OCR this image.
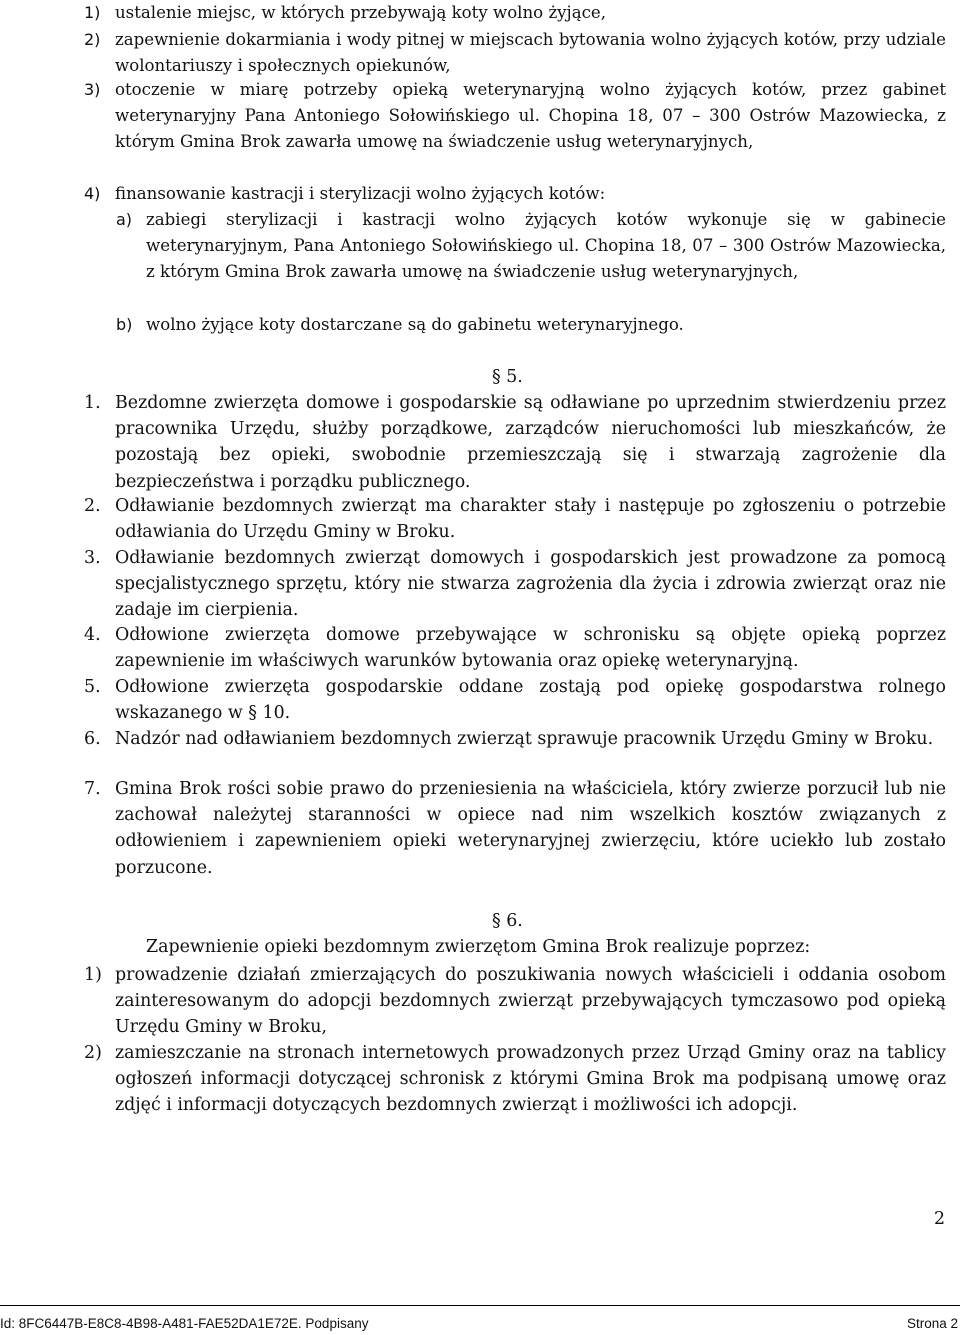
1) ustalenie miejsc, w których przebywają koty wolno żyjące,
2) zapewnienie dokarmiania i wody pitnej w miejscach bytowania wolno żyjących kotów, przy udziale wolontariuszy i społecznych opiekunów,
3) otoczenie w miarę potrzeby opieką weterynaryjną wolno żyjących kotów, przez gabinet weterynaryjny Pana Antoniego Sołowińskiego ul. Chopina 18, 07 – 300 Ostrów Mazowiecka, z którym Gmina Brok zawarła umowę na świadczenie usług weterynaryjnych,
4) finansowanie kastracji i sterylizacji wolno żyjących kotów:
a) zabiegi sterylizacji i kastracji wolno żyjących kotów wykonuje się w gabinecie weterynaryjnym, Pana Antoniego Sołowińskiego ul. Chopina 18, 07 – 300 Ostrów Mazowiecka, z którym Gmina Brok zawarła umowę na świadczenie usług weterynaryjnych,
b) wolno żyjące koty dostarczane są do gabinetu weterynaryjnego.
§ 5.
1. Bezdomne zwierzęta domowe i gospodarskie są odławiane po uprzednim stwierdzeniu przez pracownika Urzędu, służby porządkowe, zarządców nieruchomości lub mieszkańców, że pozostają bez opieki, swobodnie przemieszczają się i stwarzają zagrożenie dla bezpieczeństwa i porządku publicznego.
2. Odławianie bezdomnych zwierząt ma charakter stały i następuje po zgłoszeniu o potrzebie odławiania do Urzędu Gminy w Broku.
3. Odławianie bezdomnych zwierząt domowych i gospodarskich jest prowadzone za pomocą specjalistycznego sprzętu, który nie stwarza zagrożenia dla życia i zdrowia zwierząt oraz nie zadaje im cierpienia.
4. Odłowione zwierzęta domowe przebywające w schronisku są objęte opieką poprzez zapewnienie im właściwych warunków bytowania oraz opiekę weterynaryjną.
5. Odłowione zwierzęta gospodarskie oddane zostają pod opiekę gospodarstwa rolnego wskazanego w § 10.
6. Nadzór nad odławianiem bezdomnych zwierząt sprawuje pracownik Urzędu Gminy w Broku.
7. Gmina Brok rości sobie prawo do przeniesienia na właściciela, który zwierze porzucił lub nie zachował należytej staranności w opiece nad nim wszelkich kosztów związanych z odłowieniem i zapewnieniem opieki weterynaryjnej zwierzęciu, które uciekło lub zostało porzucone.
§ 6.
Zapewnienie opieki bezdomnym zwierzętom Gmina Brok realizuje poprzez:
1) prowadzenie działań zmierzających do poszukiwania nowych właścicieli i oddania osobom zainteresowanym do adopcji bezdomnych zwierząt przebywających tymczasowo pod opieką Urzędu Gminy w Broku,
2) zamieszczanie na stronach internetowych prowadzonych przez Urząd Gminy oraz na tablicy ogłoszeń informacji dotyczącej schronisk z którymi Gmina Brok ma podpisaną umowę oraz zdjęć i informacji dotyczących bezdomnych zwierząt i możliwości ich adopcji.
2
Id: 8FC6447B-E8C8-4B98-A481-FAE52DA1E72E. Podpisany	Strona 2
